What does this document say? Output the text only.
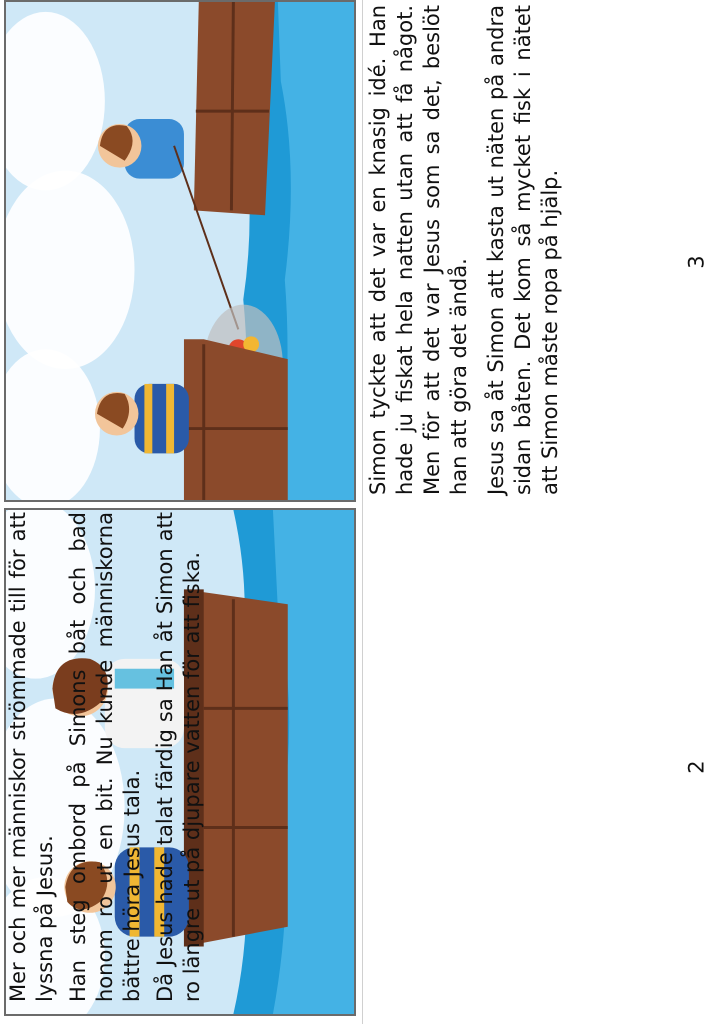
Mer och mer människor strömmade till för att lyssna på Jesus. Han steg ombord på Simons båt och bad honom ro ut en bit. Nu kunde människorna bättre höra Jesus tala. Då Jesus hade talat färdig sa Han åt Simon att ro längre ut på djupare vatten för att fiska.	2

Simon tyckte att det var en knasig idé. Han hade ju fiskat hela natten utan att få något. Men för att det var Jesus som sa det, beslöt han att göra det ändå. Jesus sa åt Simon att kasta ut näten på andra sidan båten. Det kom så mycket fisk i nätet att Simon måste ropa på hjälp.	3
